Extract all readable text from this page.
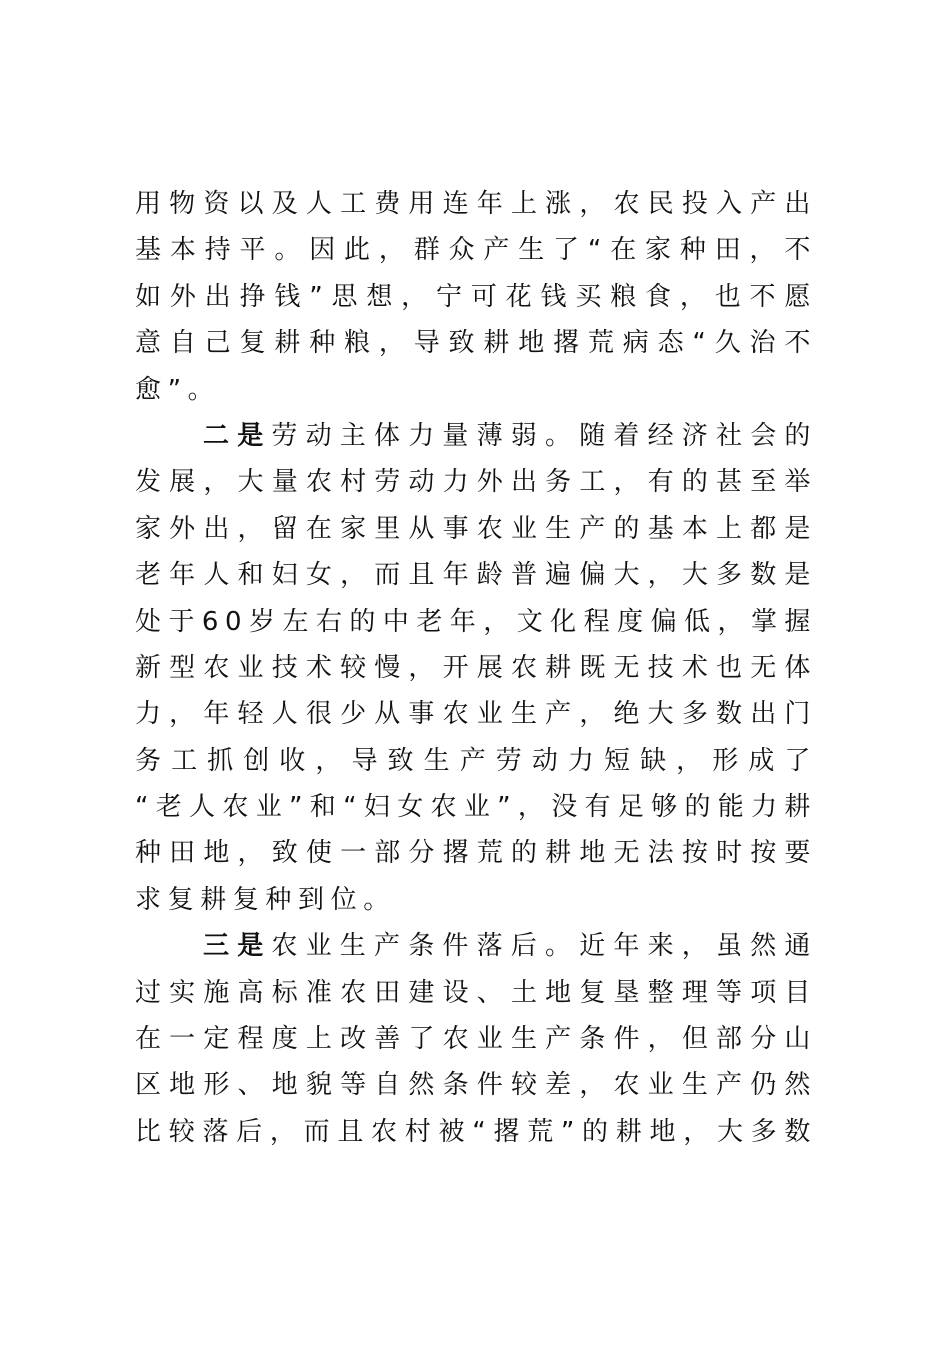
用物资以及人工费用连年上涨，农民投入产出
基本持平。因此，群众产生了“在家种田，不
如外出挣钱”思想，宁可花钱买粮食，也不愿
意自己复耕种粮，导致耕地撂荒病态“久治不
愈”。
二是劳动主体力量薄弱。随着经济社会的
发展，大量农村劳动力外出务工，有的甚至举
家外出，留在家里从事农业生产的基本上都是
老年人和妇女，而且年龄普遍偏大，大多数是
处于60岁左右的中老年，文化程度偏低，掌握
新型农业技术较慢，开展农耕既无技术也无体
力，年轻人很少从事农业生产，绝大多数出门
务工抓创收，导致生产劳动力短缺，形成了
“老人农业”和“妇女农业”，没有足够的能力耕
种田地，致使一部分撂荒的耕地无法按时按要
求复耕复种到位。
三是农业生产条件落后。近年来，虽然通
过实施高标准农田建设、土地复垦整理等项目
在一定程度上改善了农业生产条件，但部分山
区地形、地貌等自然条件较差，农业生产仍然
比较落后，而且农村被“撂荒”的耕地，大多数
